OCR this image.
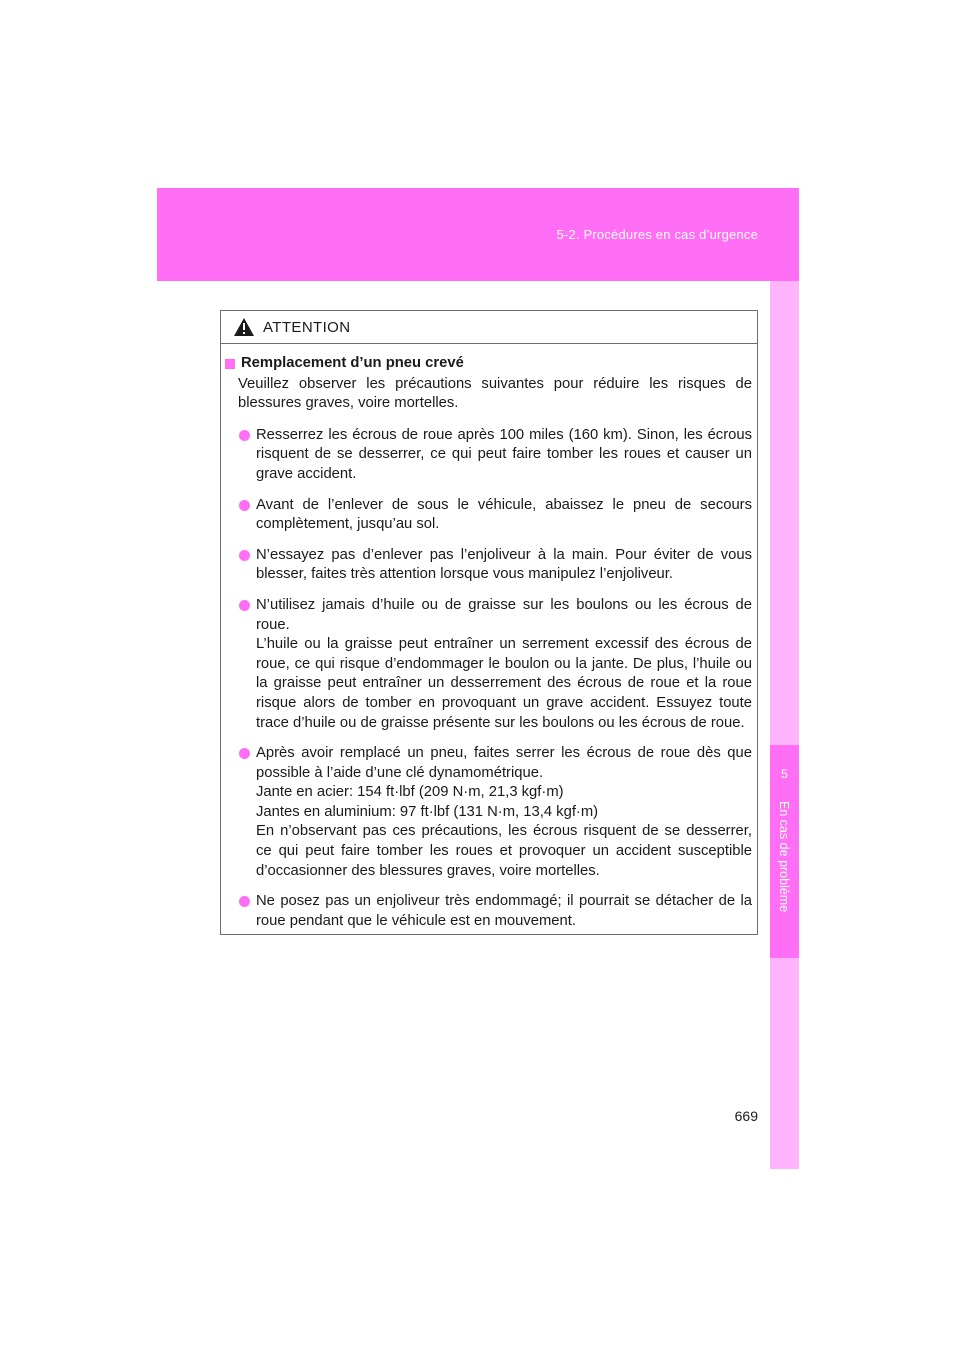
5-2. Procédures en cas d’urgence
5
En cas de problème
ATTENTION
Remplacement d’un pneu crevé
Veuillez observer les précautions suivantes pour réduire les risques de blessures graves, voire mortelles.
Resserrez les écrous de roue après 100 miles (160 km). Sinon, les écrous risquent de se desserrer, ce qui peut faire tomber les roues et causer un grave accident.
Avant de l’enlever de sous le véhicule, abaissez le pneu de secours complètement, jusqu’au sol.
N’essayez pas d’enlever pas l’enjoliveur à la main. Pour éviter de vous blesser, faites très attention lorsque vous manipulez l’enjoliveur.
N’utilisez jamais d’huile ou de graisse sur les boulons ou les écrous de roue.
L’huile ou la graisse peut entraîner un serrement excessif des écrous de roue, ce qui risque d’endommager le boulon ou la jante. De plus, l’huile ou la graisse peut entraîner un desserrement des écrous de roue et la roue risque alors de tomber en provoquant un grave accident. Essuyez toute trace d’huile ou de graisse présente sur les boulons ou les écrous de roue.
Après avoir remplacé un pneu, faites serrer les écrous de roue dès que possible à l’aide d’une clé dynamométrique.
Jante en acier: 154 ft·lbf (209 N·m, 21,3 kgf·m)
Jantes en aluminium: 97 ft·lbf (131 N·m, 13,4 kgf·m)
En n’observant pas ces précautions, les écrous risquent de se desserrer, ce qui peut faire tomber les roues et provoquer un accident susceptible d’occasionner des blessures graves, voire mortelles.
Ne posez pas un enjoliveur très endommagé; il pourrait se détacher de la roue pendant que le véhicule est en mouvement.
669
